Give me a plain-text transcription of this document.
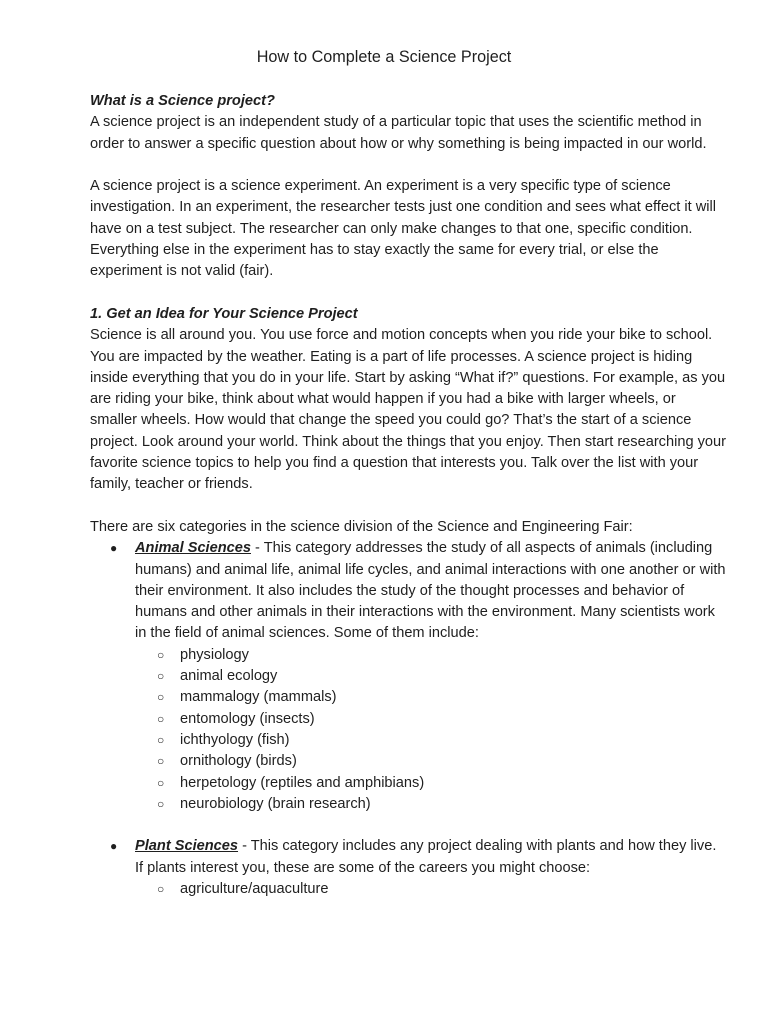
How to Complete a Science Project

What is a Science project?

A science project is an independent study of a particular topic that uses the scientific method in order to answer a specific question about how or why something is being impacted in our world.

A science project is a science experiment. An experiment is a very specific type of science investigation. In an experiment, the researcher tests just one condition and sees what effect it will have on a test subject. The researcher can only make changes to that one, specific condition. Everything else in the experiment has to stay exactly the same for every trial, or else the experiment is not valid (fair).

1. Get an Idea for Your Science Project

Science is all around you. You use force and motion concepts when you ride your bike to school. You are impacted by the weather. Eating is a part of life processes. A science project is hiding inside everything that you do in your life. Start by asking “What if?” questions. For example, as you are riding your bike, think about what would happen if you had a bike with larger wheels, or smaller wheels. How would that change the speed you could go? That’s the start of a science project. Look around your world. Think about the things that you enjoy. Then start researching your favorite science topics to help you find a question that interests you. Talk over the list with your family, teacher or friends.

There are six categories in the science division of the Science and Engineering Fair:

● Animal Sciences - This category addresses the study of all aspects of animals (including humans) and animal life, animal life cycles, and animal interactions with one another or with their environment. It also includes the study of the thought processes and behavior of humans and other animals in their interactions with the environment. Many scientists work in the field of animal sciences. Some of them include:
○ physiology
○ animal ecology
○ mammalogy (mammals)
○ entomology (insects)
○ ichthyology (fish)
○ ornithology (birds)
○ herpetology (reptiles and amphibians)
○ neurobiology (brain research)
● Plant Sciences - This category includes any project dealing with plants and how they live. If plants interest you, these are some of the careers you might choose:
○ agriculture/aquaculture
